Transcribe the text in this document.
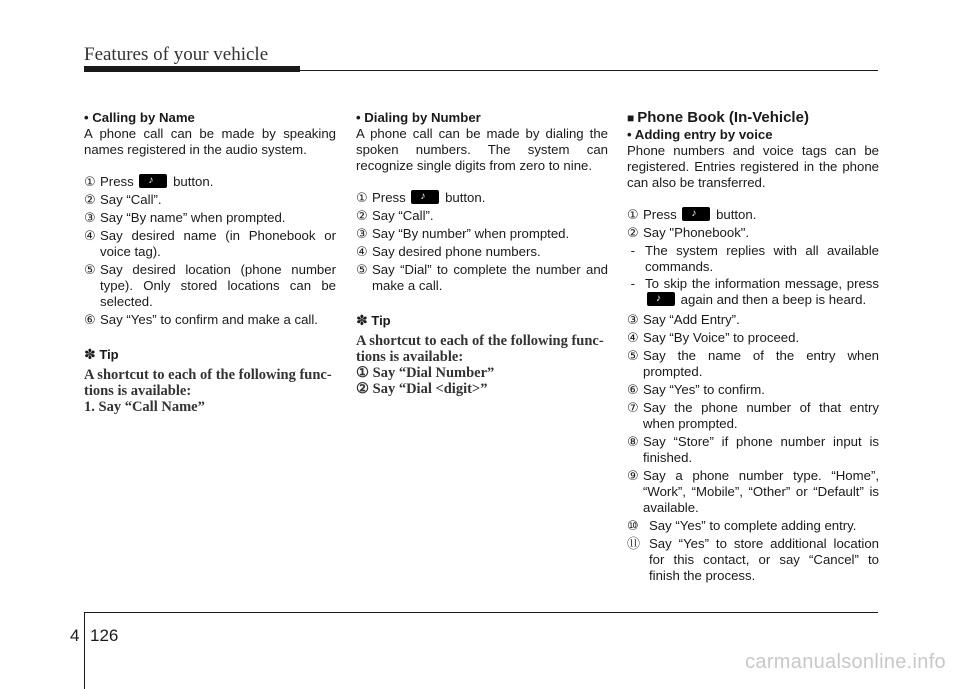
Features of your vehicle
• Calling by Name

A phone call can be made by speaking names registered in the audio system.

① Press ♪	button.
② Say “Call”.
③ Say “By name” when prompted.
④ Say desired name (in Phonebook or voice tag).
⑤ Say desired location (phone number type). Only stored locations can be selected.
⑥ Say “Yes” to confirm and make a call.
✽ Tip
A shortcut to each of the following func-
tions is available:
1. Say “Call Name”
• Dialing by Number

A phone call can be made by dialing the spoken numbers. The system can recognize single digits from zero to nine.

① Press ♪	button.
② Say “Call”.
③ Say “By number” when prompted.
④ Say desired phone numbers.
⑤ Say “Dial” to complete the number and make a call.
✽ Tip
A shortcut to each of the following func-
tions is available:
① Say “Dial Number”
② Say “Dial <digit>”
■ Phone Book (In-Vehicle)
• Adding entry by voice

Phone numbers and voice tags can be registered. Entries registered in the phone can also be transferred.

① Press ♪	button.
② Say "Phonebook".
- The system replies with all available commands.
- To skip the information message, press ♪ again and then a beep is heard.
③ Say “Add Entry”.
④ Say “By Voice” to proceed.
⑤ Say the name of the entry when prompted.
⑥ Say “Yes” to confirm.
⑦ Say the phone number of that entry when prompted.
⑧ Say “Store” if phone number input is finished.
⑨ Say a phone number type. “Home”, “Work”, “Mobile”, “Other” or “Default” is available.
⑩ Say “Yes” to complete adding entry.
⑪ Say “Yes” to store additional location for this contact, or say “Cancel” to finish the process.
4 126
carmanualsonline.info
